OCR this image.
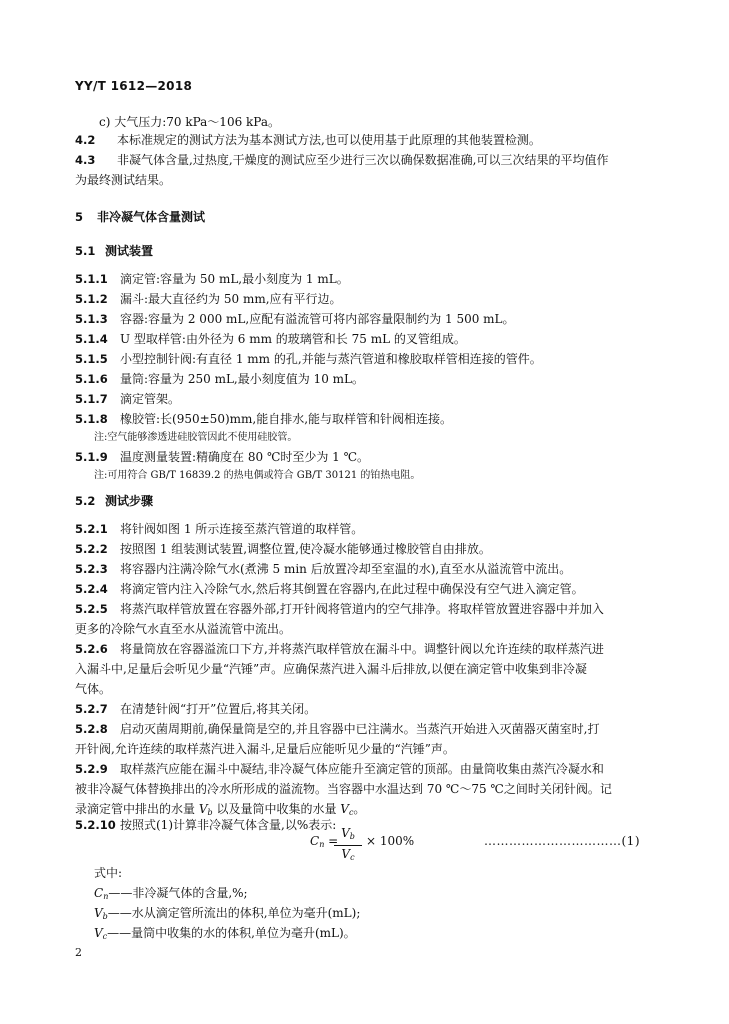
YY/T 1612—2018
c) 大气压力:70 kPa～106 kPa。
4.2 本标准规定的测试方法为基本测试方法,也可以使用基于此原理的其他装置检测。
4.3 非凝气体含量,过热度,干燥度的测试应至少进行三次以确保数据准确,可以三次结果的平均值作
为最终测试结果。
5 非冷凝气体含量测试
5.1 测试装置
5.1.1 滴定管:容量为 50 mL,最小刻度为 1 mL。
5.1.2 漏斗:最大直径约为 50 mm,应有平行边。
5.1.3 容器:容量为 2 000 mL,应配有溢流管可将内部容量限制约为 1 500 mL。
5.1.4 U 型取样管:由外径为 6 mm 的玻璃管和长 75 mL 的叉管组成。
5.1.5 小型控制针阀:有直径 1 mm 的孔,并能与蒸汽管道和橡胶取样管相连接的管件。
5.1.6 量筒:容量为 250 mL,最小刻度值为 10 mL。
5.1.7 滴定管架。
5.1.8 橡胶管:长(950±50)mm,能自排水,能与取样管和针阀相连接。
注:空气能够渗透进硅胶管因此不使用硅胶管。
5.1.9 温度测量装置:精确度在 80 ℃时至少为 1 ℃。
注:可用符合 GB/T 16839.2 的热电偶或符合 GB/T 30121 的铂热电阻。
5.2 测试步骤
5.2.1 将针阀如图 1 所示连接至蒸汽管道的取样管。
5.2.2 按照图 1 组装测试装置,调整位置,使冷凝水能够通过橡胶管自由排放。
5.2.3 将容器内注满冷除气水(煮沸 5 min 后放置冷却至室温的水),直至水从溢流管中流出。
5.2.4 将滴定管内注入冷除气水,然后将其倒置在容器内,在此过程中确保没有空气进入滴定管。
5.2.5 将蒸汽取样管放置在容器外部,打开针阀将管道内的空气排净。将取样管放置进容器中并加入
更多的冷除气水直至水从溢流管中流出。
5.2.6 将量筒放在容器溢流口下方,并将蒸汽取样管放在漏斗中。调整针阀以允许连续的取样蒸汽进
入漏斗中,足量后会听见少量“汽锤”声。应确保蒸汽进入漏斗后排放,以便在滴定管中收集到非冷凝
气体。
5.2.7 在清楚针阀“打开”位置后,将其关闭。
5.2.8 启动灭菌周期前,确保量筒是空的,并且容器中已注满水。当蒸汽开始进入灭菌器灭菌室时,打
开针阀,允许连续的取样蒸汽进入漏斗,足量后应能听见少量的“汽锤”声。
5.2.9 取样蒸汽应能在漏斗中凝结,非冷凝气体应能升至滴定管的顶部。由量筒收集由蒸汽冷凝水和
被非冷凝气体替换排出的冷水所形成的溢流物。当容器中水温达到 70 ℃～75 ℃之间时关闭针阀。记
录滴定管中排出的水量 $V_b$ 以及量筒中收集的水量 $V_c$。
5.2.10 按照式(1)计算非冷凝气体含量,以%表示:
$C_n$ =
$V_b$
$V_c$
× 100%	……………………………(1)
式中:
$C_n——$非冷凝气体的含量,%;
$V_b——$水从滴定管所流出的体积,单位为毫升(mL);
$V_c——$量筒中收集的水的体积,单位为毫升(mL)。
2
